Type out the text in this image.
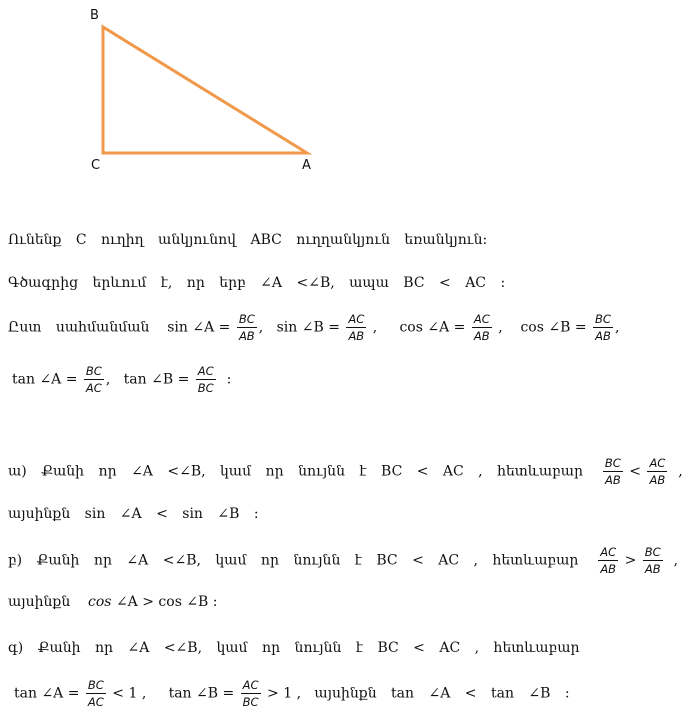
B
C	A
Ունենք C ուղիղ անկյունով ABC ուղղանկյուն եռանկյուն։
Գծագրից երևում է, որ երբ ∠A <∠B, ապա BC < AC ։
Ըստ սահմանման sin ∠A = $\frac{BC}{AB}$ , sin ∠B = $\frac{AC}{AB}$ , cos ∠A = $\frac{AC}{AB}$ , cos ∠B = $\frac{BC}{AB}$ ,
tan ∠A = $\frac{BC}{AC}$ , tan ∠B = $\frac{AC}{BC}$ ։
ա) Քանի որ ∠A <∠B, կամ որ նույնն է BC < AC , հետևաբար $\frac{BC}{AB} < \frac{AC}{AB}$ ,
այսինքն sin ∠A < sin ∠B ։
բ) Քանի որ ∠A <∠B, կամ որ նույնն է BC < AC , հետևաբար $\frac{AC}{AB} > \frac{BC}{AB}$ ,
այսինքն cos ∠A > cos ∠B ։
գ) Քանի որ ∠A <∠B, կամ որ նույնն է BC < AC , հետևաբար
tan ∠A = $\frac{BC}{AC} < 1$ , tan ∠B = $\frac{AC}{BC} > 1$ , այսինքն tan ∠A < tan ∠B ։
